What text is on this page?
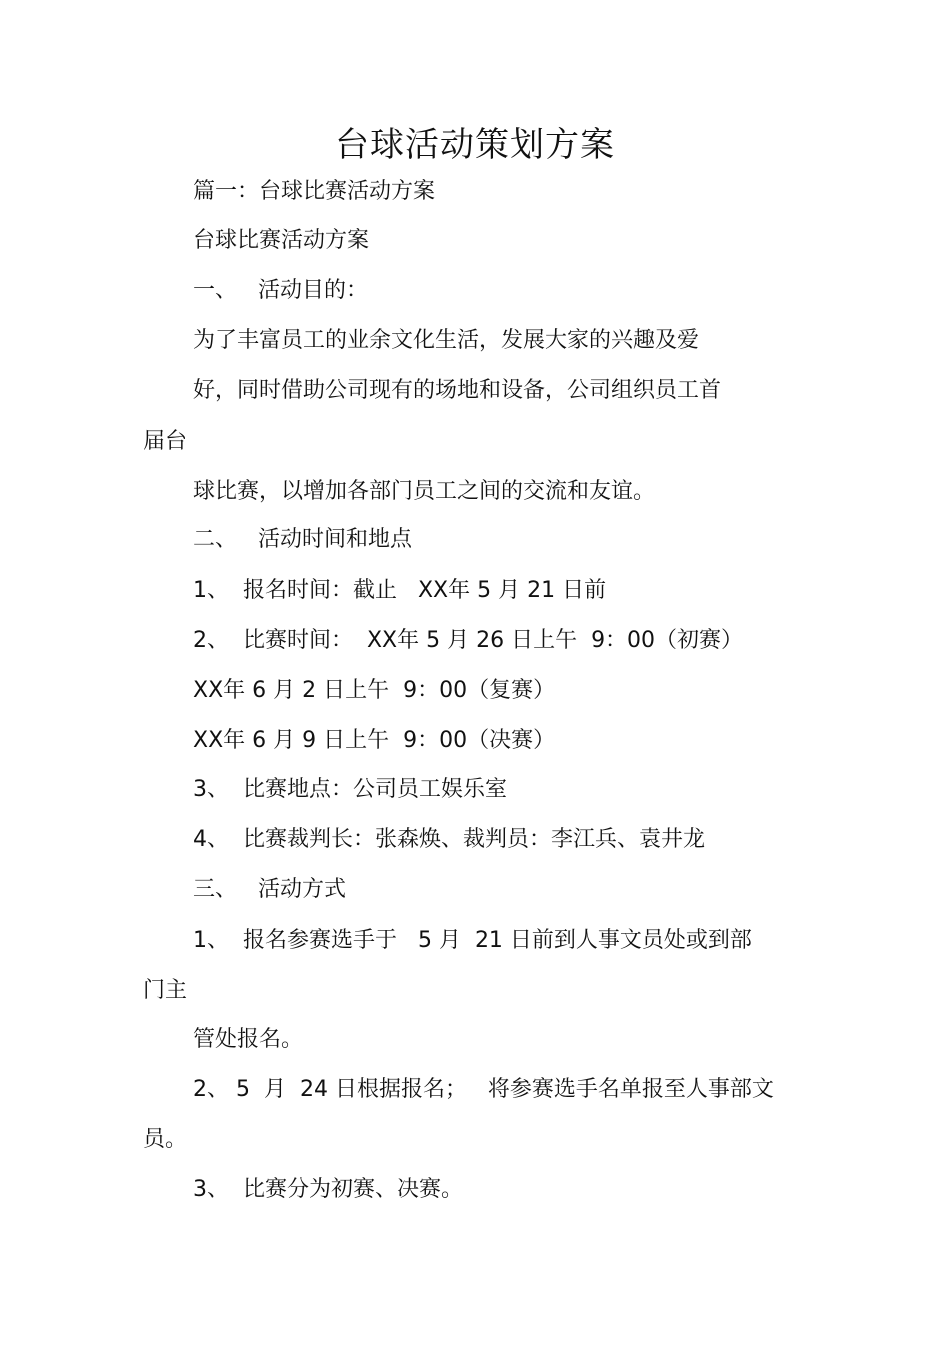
台球活动策划方案
篇一：台球比赛活动方案
台球比赛活动方案
一、   活动目的：
为了丰富员工的业余文化生活，发展大家的兴趣及爱
好，同时借助公司现有的场地和设备，公司组织员工首
届台
球比赛，以增加各部门员工之间的交流和友谊。
二、   活动时间和地点
1、  报名时间：截止   XX年 5 月 21 日前
2、  比赛时间：  XX年 5 月 26 日上午  9：00（初赛）
XX年 6 月 2 日上午  9：00（复赛）
XX年 6 月 9 日上午  9：00（决赛）
3、  比赛地点：公司员工娱乐室
4、  比赛裁判长：张森焕、裁判员：李江兵、袁井龙
三、   活动方式
1、  报名参赛选手于   5 月  21 日前到人事文员处或到部
门主
管处报名。
2、 5  月  24 日根据报名；   将参赛选手名单报至人事部文
员。
3、  比赛分为初赛、决赛。
